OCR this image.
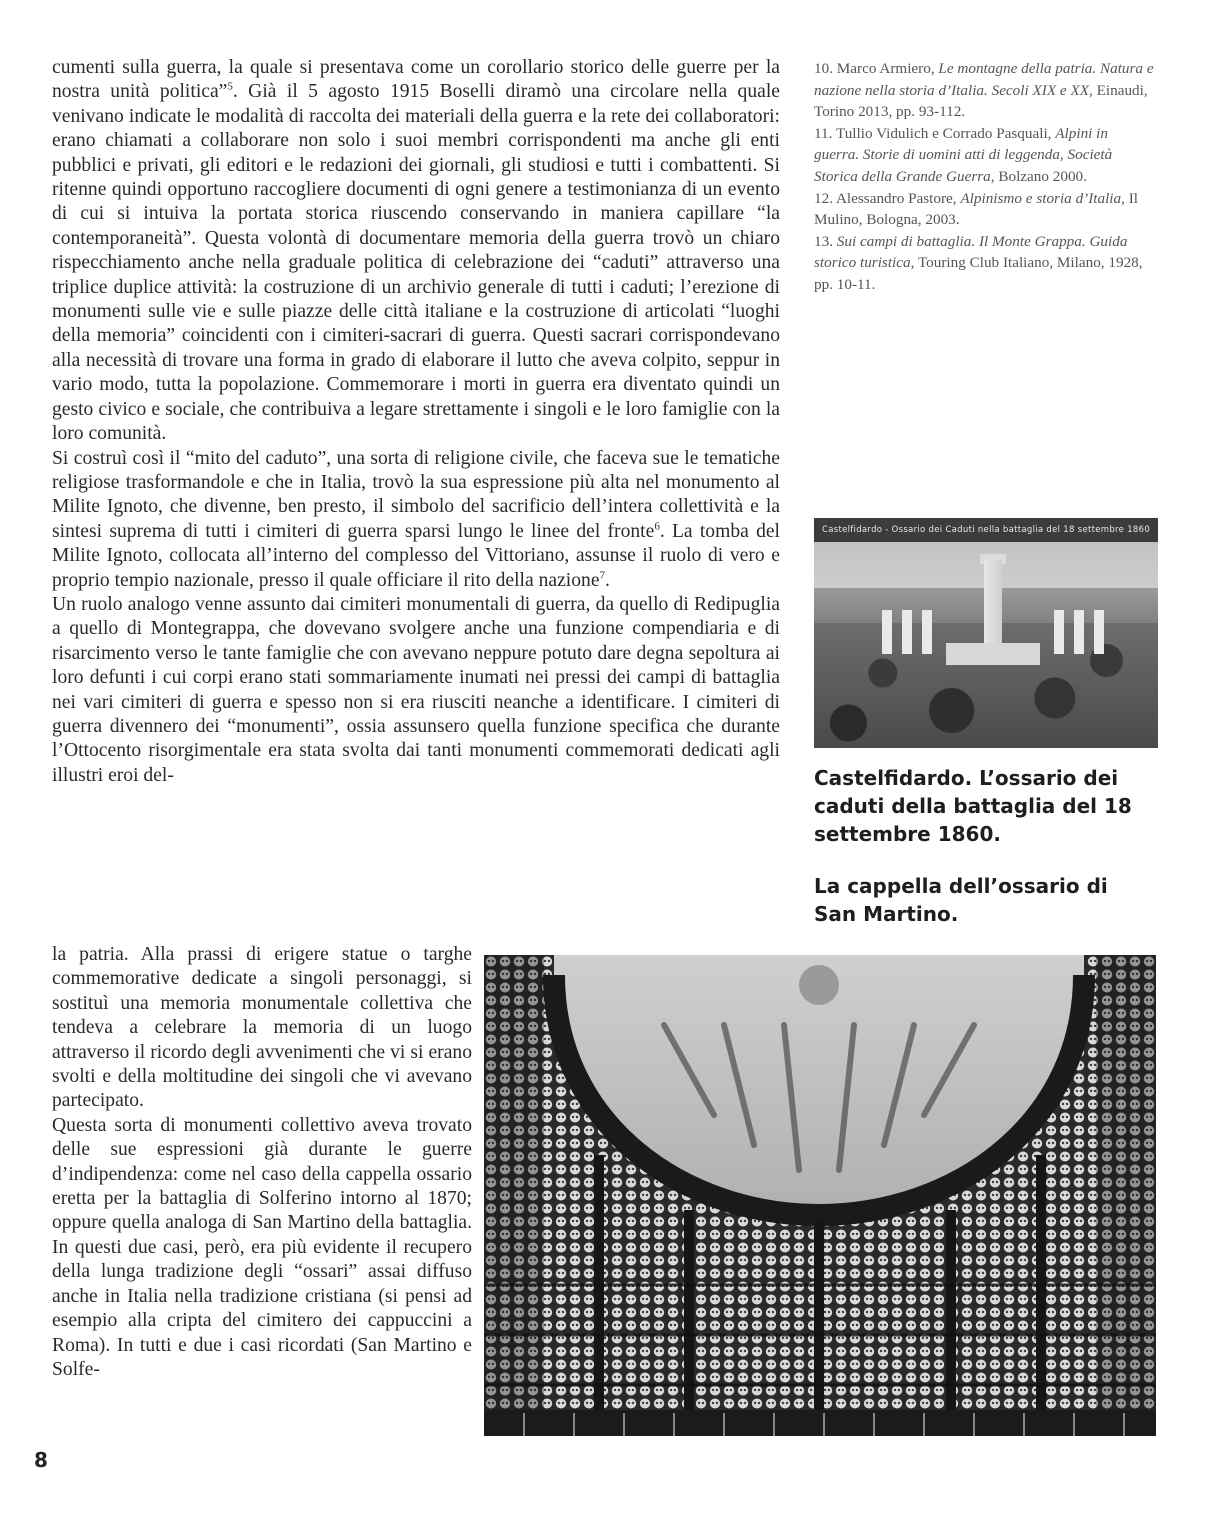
cumenti sulla guerra, la quale si presentava come un corollario storico delle guerre per la nostra unità politica”$^5$. Già il 5 agosto 1915 Boselli diramò una circolare nella quale venivano indicate le modalità di raccolta dei materiali della guerra e la rete dei collaboratori: erano chiamati a collaborare non solo i suoi membri corrispondenti ma anche gli enti pubblici e privati, gli editori e le redazioni dei giornali, gli studiosi e tutti i combattenti. Si ritenne quindi opportuno raccogliere documenti di ogni genere a testimonianza di un evento di cui si intuiva la portata storica riuscendo conservando in maniera capillare “la contemporaneità”. Questa volontà di documentare memoria della guerra trovò un chiaro rispecchiamento anche nella graduale politica di celebrazione dei “caduti” attraverso una triplice duplice attività: la costruzione di un archivio generale di tutti i caduti; l’erezione di monumenti sulle vie e sulle piazze delle città italiane e la costruzione di articolati “luoghi della memoria” coincidenti con i cimiteri-sacrari di guerra. Questi sacrari corrispondevano alla necessità di trovare una forma in grado di elaborare il lutto che aveva colpito, seppur in vario modo, tutta la popolazione. Commemorare i morti in guerra era diventato quindi un gesto civico e sociale, che contribuiva a legare strettamente i singoli e le loro famiglie con la loro comunità.

Si costruì così il “mito del caduto”, una sorta di religione civile, che faceva sue le tematiche religiose trasformandole e che in Italia, trovò la sua espressione più alta nel monumento al Milite Ignoto, che divenne, ben presto, il simbolo del sacrificio dell’intera collettività e la sintesi suprema di tutti i cimiteri di guerra sparsi lungo le linee del fronte$^6$. La tomba del Milite Ignoto, collocata all’interno del complesso del Vittoriano, assunse il ruolo di vero e proprio tempio nazionale, presso il quale officiare il rito della nazione$^7$.

Un ruolo analogo venne assunto dai cimiteri monumentali di guerra, da quello di Redipuglia a quello di Montegrappa, che dovevano svolgere anche una funzione compendiaria e di risarcimento verso le tante famiglie che con avevano neppure potuto dare degna sepoltura ai loro defunti i cui corpi erano stati sommariamente inumati nei pressi dei campi di battaglia nei vari cimiteri di guerra e spesso non si era riusciti neanche a identificare. I cimiteri di guerra divennero dei “monumenti”, ossia assunsero quella funzione specifica che durante l’Ottocento risorgimentale era stata svolta dai tanti monumenti commemorati dedicati agli illustri eroi del-

la patria. Alla prassi di erigere statue o targhe commemorative dedicate a singoli personaggi, si sostituì una memoria monumentale collettiva che tendeva a celebrare la memoria di un luogo attraverso il ricordo degli avvenimenti che vi si erano svolti e della moltitudine dei singoli che vi avevano partecipato.

Questa sorta di monumenti collettivo aveva trovato delle sue espressioni già durante le guerre d’indipendenza: come nel caso della cappella ossario eretta per la battaglia di Solferino intorno al 1870; oppure quella analoga di San Martino della battaglia. In questi due casi, però, era più evidente il recupero della lunga tradizione degli “ossari” assai diffuso anche in Italia nella tradizione cristiana (si pensi ad esempio alla cripta del cimitero dei cappuccini a Roma). In tutti e due i casi ricordati (San Martino e Solfe-

10. Marco Armiero, Le montagne della patria. Natura e nazione nella storia d’Italia. Secoli XIX e XX, Einaudi, Torino 2013, pp. 93-112.

11. Tullio Vidulich e Corrado Pasquali, Alpini in guerra. Storie di uomini atti di leggenda, Società Storica della Grande Guerra, Bolzano 2000.

12. Alessandro Pastore, Alpinismo e storia d’Italia, Il Mulino, Bologna, 2003.

13. Sui campi di battaglia. Il Monte Grappa. Guida storico turistica, Touring Club Italiano, Milano, 1928, pp. 10-11.

Castelfidardo - Ossario dei Caduti nella battaglia del 18 settembre 1860

Castelfidardo. L’ossario dei caduti della battaglia del 18 settembre 1860.

La cappella dell’ossario di San Martino.

8
